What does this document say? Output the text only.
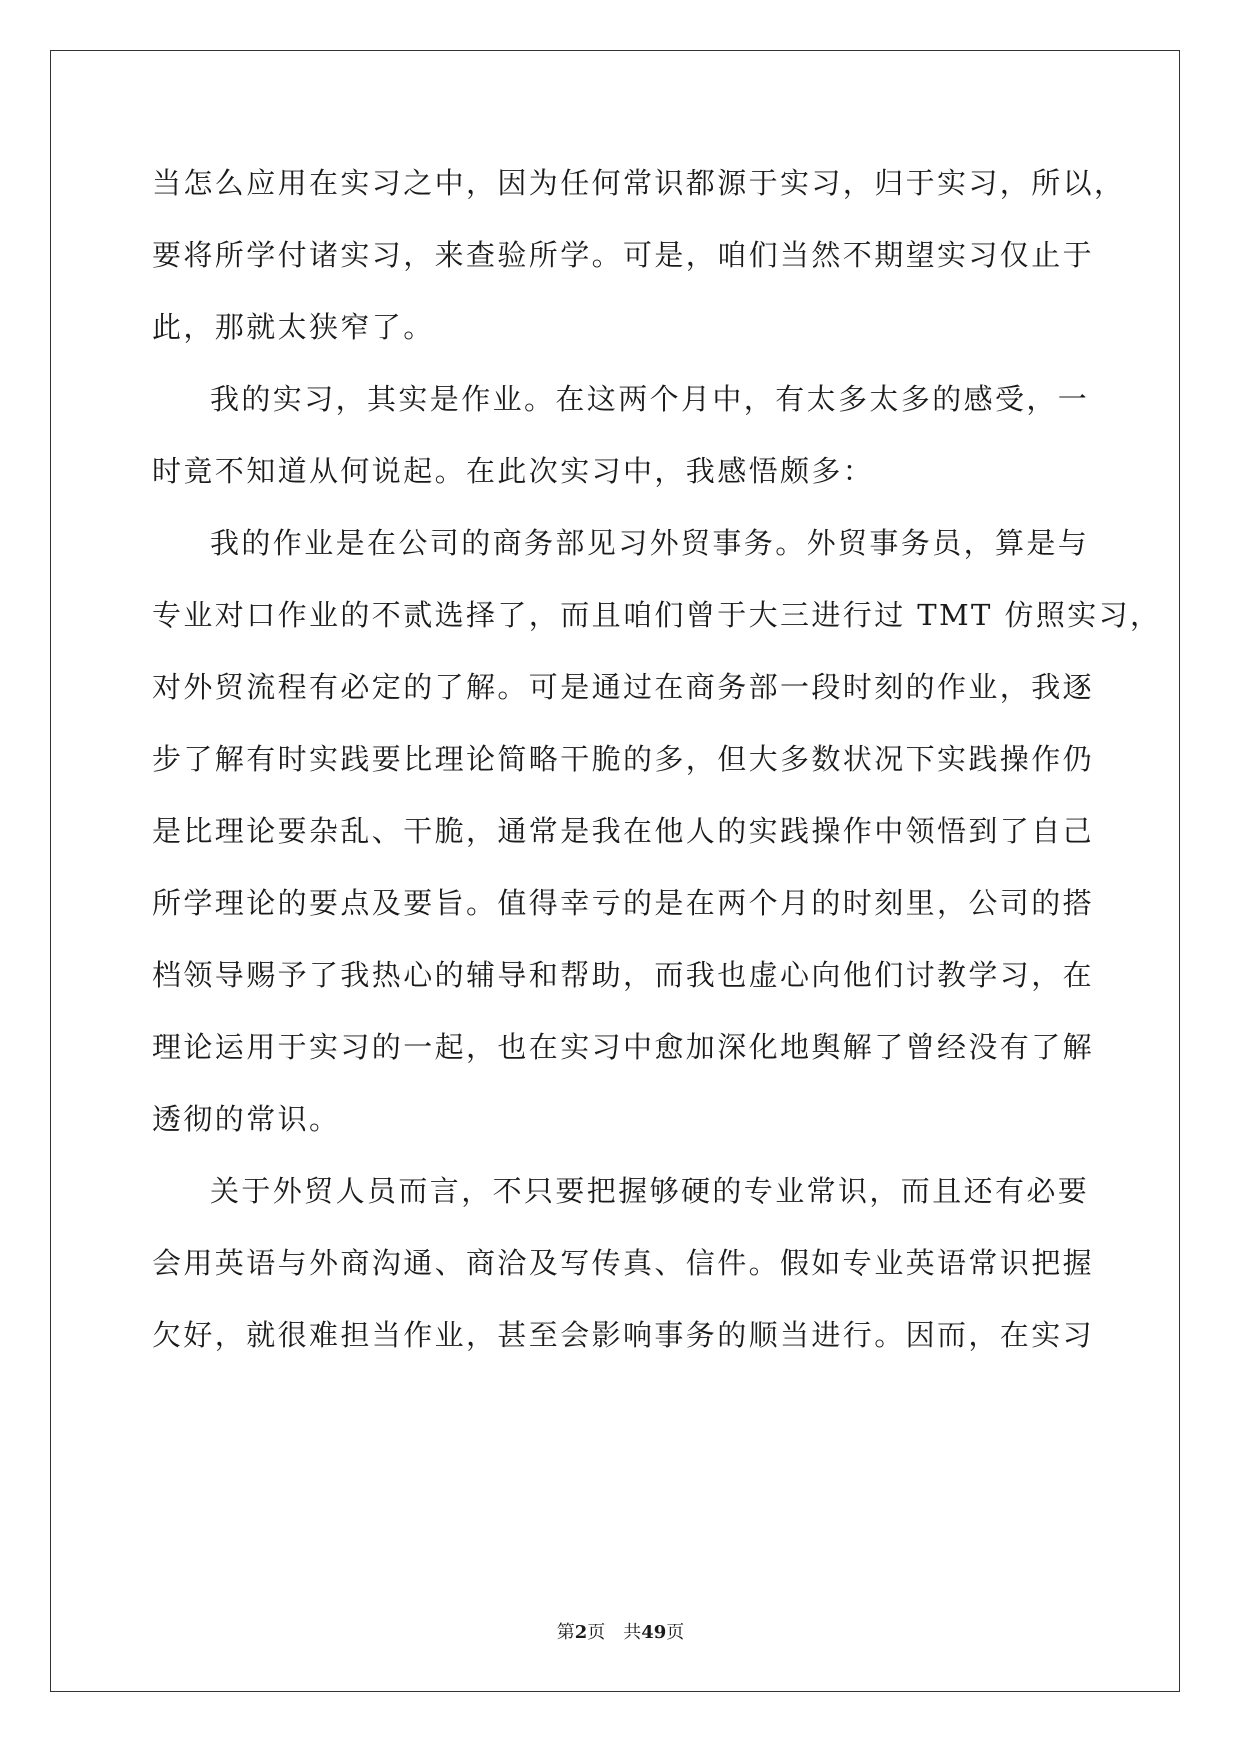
当怎么应用在实习之中，因为任何常识都源于实习，归于实习，所以，
要将所学付诸实习，来查验所学。可是，咱们当然不期望实习仅止于
此，那就太狭窄了。
我的实习，其实是作业。在这两个月中，有太多太多的感受，一
时竟不知道从何说起。在此次实习中，我感悟颇多：
我的作业是在公司的商务部见习外贸事务。外贸事务员，算是与
专业对口作业的不贰选择了，而且咱们曾于大三进行过 TMT 仿照实习，
对外贸流程有必定的了解。可是通过在商务部一段时刻的作业，我逐
步了解有时实践要比理论简略干脆的多，但大多数状况下实践操作仍
是比理论要杂乱、干脆，通常是我在他人的实践操作中领悟到了自己
所学理论的要点及要旨。值得幸亏的是在两个月的时刻里，公司的搭
档领导赐予了我热心的辅导和帮助，而我也虚心向他们讨教学习，在
理论运用于实习的一起，也在实习中愈加深化地舆解了曾经没有了解
透彻的常识。
关于外贸人员而言，不只要把握够硬的专业常识，而且还有必要
会用英语与外商沟通、商洽及写传真、信件。假如专业英语常识把握
欠好，就很难担当作业，甚至会影响事务的顺当进行。因而，在实习
第2页　共49页
